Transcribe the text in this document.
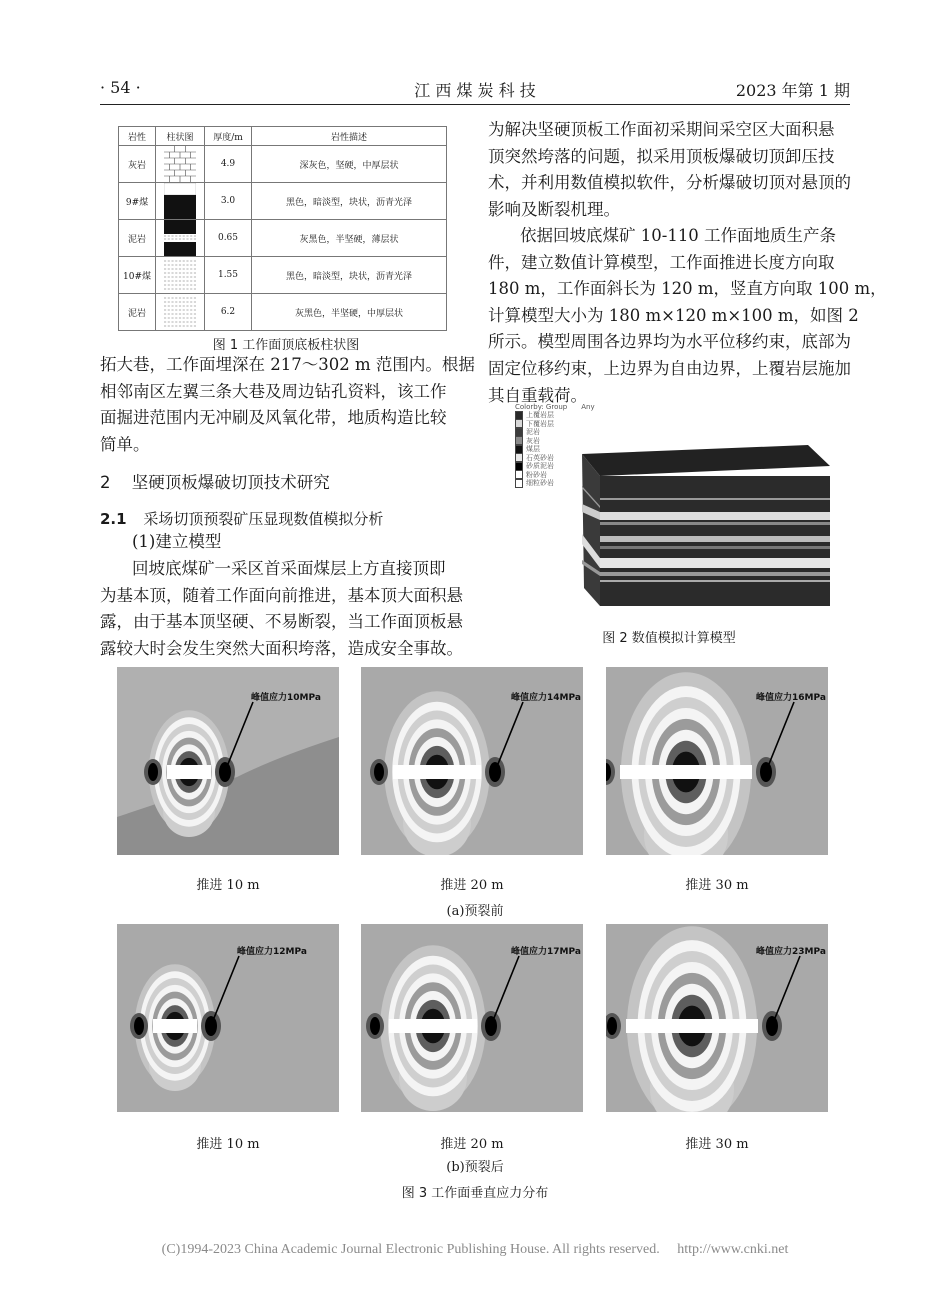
· 54 ·	江 西 煤 炭 科 技	2023 年第 1 期
岩性	柱状图	厚度/m	岩性描述
灰岩		4.9	深灰色，坚硬，中厚层状
9#煤		3.0	黑色，暗淡型，块状，沥青光泽
泥岩		0.65	灰黑色，半坚硬，薄层状
10#煤		1.55	黑色，暗淡型，块状，沥青光泽
泥岩		6.2	灰黑色，半坚硬，中厚层状
图 1 工作面顶底板柱状图
拓大巷，工作面埋深在 217～302 m 范围内。根据
相邻南区左翼三条大巷及周边钻孔资料，该工作
面掘进范围内无冲刷及风氧化带，地质构造比较
简单。
2 坚硬顶板爆破切顶技术研究
2.1 采场切顶预裂矿压显现数值模拟分析
(1)建立模型
回坡底煤矿一采区首采面煤层上方直接顶即
为基本顶，随着工作面向前推进，基本顶大面积悬
露，由于基本顶坚硬、不易断裂，当工作面顶板悬
露较大时会发生突然大面积垮落，造成安全事故。
为解决坚硬顶板工作面初采期间采空区大面积悬
顶突然垮落的问题，拟采用顶板爆破切顶卸压技
术，并利用数值模拟软件，分析爆破切顶对悬顶的
影响及断裂机理。
依据回坡底煤矿 10-110 工作面地质生产条
件，建立数值计算模型，工作面推进长度方向取
180 m，工作面斜长为 120 m，竖直方向取 100 m，
计算模型大小为 180 m×120 m×100 m，如图 2
所示。模型周围各边界均为水平位移约束，底部为
固定位移约束，上边界为自由边界，上覆岩层施加
其自重载荷。
Colorby: Group Any
上覆岩层
下覆岩层
泥岩
灰岩
煤层
石英砂岩
砂质泥岩
粉砂岩
细粒砂岩
图 2 数值模拟计算模型
峰值应力10MPa
推进 10 m
峰值应力14MPa
推进 20 m
峰值应力16MPa
推进 30 m
峰值应力12MPa
推进 10 m
峰值应力17MPa
推进 20 m
峰值应力23MPa
推进 30 m
(a)预裂前
(b)预裂后
图 3 工作面垂直应力分布
(C)1994-2023 China Academic Journal Electronic Publishing House. All rights reserved. http://www.cnki.net
